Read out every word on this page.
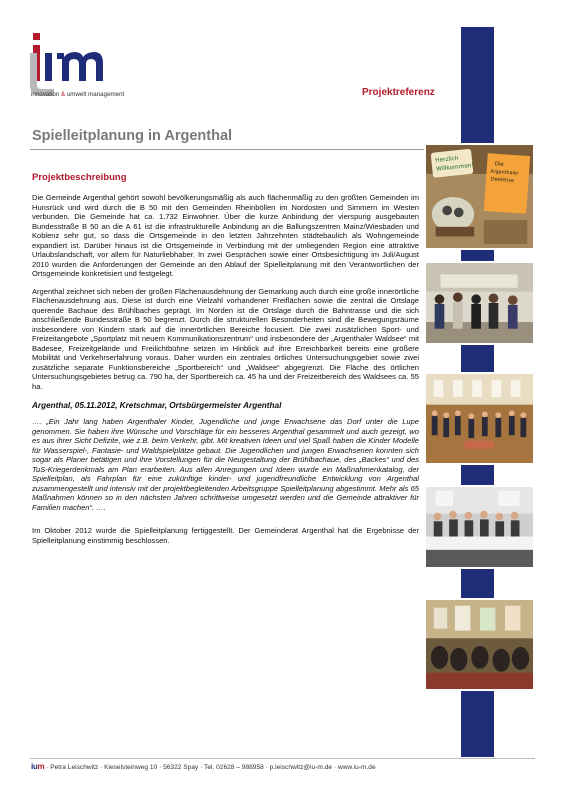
innovation & umwelt management	Projektreferenz
Spielleitplanung in Argenthal
Projektbeschreibung

Die Gemeinde Argenthal gehört sowohl bevölkerungsmäßig als auch flächenmäßig zu den größten Gemeinden im Hunsrück und wird durch die B 50 mit den Gemeinden Rheinböllen im Nordosten und Simmern im Westen verbunden. Die Gemeinde hat ca. 1.732 Einwohner. Über die kurze Anbindung der vierspurig ausgebauten Bundesstraße B 50 an die A 61 ist die infrastrukturelle Anbindung an die Ballungszentren Mainz/Wiesbaden und Koblenz sehr gut, so dass die Ortsgemeinde in den letzten Jahrzehnten städtebaulich als Wohngemeinde expandiert ist. Darüber hinaus ist die Ortsgemeinde in Verbindung mit der umliegenden Region eine attraktive Urlaubslandschaft, vor allem für Naturliebhaber. In zwei Gesprächen sowie einer Ortsbesichtigung im Juli/August 2010 wurden die Anforderungen der Gemeinde an den Ablauf der Spielleitplanung mit den Verantwortlichen der Ortsgemeinde konkretisiert und festgelegt.

Argenthal zeichnet sich neben der großen Flächenausdehnung der Gemarkung auch durch eine große innerörtliche Flächenausdehnung aus. Diese ist durch eine Vielzahl vorhandener Freiflächen sowie die zentral die Ortslage querende Bachaue des Brühlbaches geprägt. Im Norden ist die Ortslage durch die Bahntrasse und die sich anschließende Bundesstraße B 50 begrenzt. Durch die strukturellen Besonderheiten sind die Bewegungsräume insbesondere von Kindern stark auf die innerörtlichen Bereiche focusiert. Die zwei zusätzlichen Sport- und Freizeitangebote „Sportplatz mit neuem Kommunikationszentrum“ und insbesondere der „Argenthaler Waldsee“ mit Badesee, Freizeitgelände und Freilichtbühne setzen im Hinblick auf ihre Erreichbarkeit bereits eine größere Mobilität und Verkehrserfahrung voraus. Daher wurden ein zentrales örtliches Untersuchungsgebiet sowie zwei zusätzliche separate Funktionsbereiche „Sportbereich“ und „Waldsee“ abgegrenzt. Die Fläche des örtlichen Untersuchungsgebietes betrug ca. 790 ha, der Sportbereich ca. 45 ha und der Freizeitbereich des Waldsees ca. 55 ha.

Argenthal, 05.11.2012, Kretschmar, Ortsbürgermeister Argenthal

…. „Ein Jahr lang haben Argenthaler Kinder, Jugendliche und junge Erwachsene das Dorf unter die Lupe genommen. Sie haben ihre Wünsche und Vorschläge für ein besseres Argenthal gesammelt und auch gezeigt, wo es aus ihrer Sicht Defizite, wie z.B. beim Verkehr, gibt. Mit kreativen Ideen und viel Spaß haben die Kinder Modelle für Wasserspiel-, Fantasie- und Waldspielplätze gebaut. Die Jugendlichen und jungen Erwachsenen konnten sich sogar als Planer betätigen und ihre Vorstellungen für die Neugestaltung der Brühlbachaue, des „Backes“ und des TuS-Kriegerdenkmals am Plan erarbeiten. Aus allen Anregungen und Ideen wurde ein Maßnahmenkatalog, der Spielleitplan, als Fahrplan für eine zukünftige kinder- und jugendfreundliche Entwicklung von Argenthal zusammengestellt und intensiv mit der projektbegleitenden Arbeitsgruppe Spielleitplanung abgestimmt. Mehr als 65 Maßnahmen können so in den nächsten Jahren schrittweise umgesetzt werden und die Gemeinde attraktiver für Familien machen“. ….

Im Oktober 2012 wurde die Spielleitplanung fertiggestellt. Der Gemeinderat Argenthal hat die Ergebnisse der Spielleitplanung einstimmig beschlossen.

Herzlich
Willkommen!	Die
Argenthaler
Detektive
ium · Petra Leischwitz · Kieselsteinweg 10 · 56322 Spay · Tel. 02628 – 988958 · p.leischwitz@iu-m.de · www.iu-m.de
